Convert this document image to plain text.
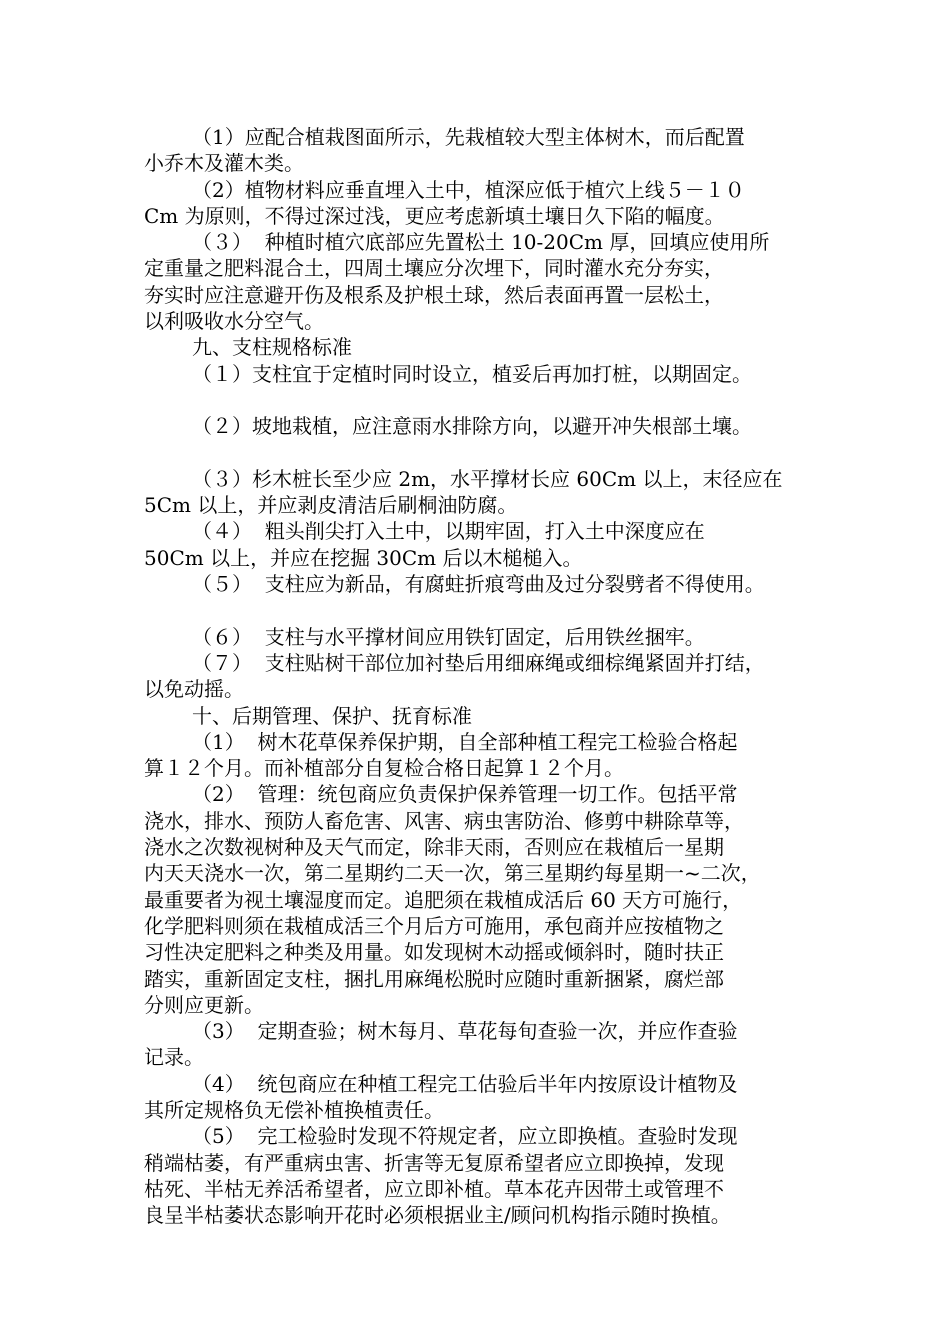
（1）应配合植栽图面所示，先栽植较大型主体树木，而后配置
小乔木及灌木类。
（2）植物材料应垂直埋入土中，植深应低于植穴上线５－１０
Cm 为原则，不得过深过浅，更应考虑新填土壤日久下陷的幅度。
（３）  种植时植穴底部应先置松土 10-20Cm 厚，回填应使用所
定重量之肥料混合土，四周土壤应分次埋下，同时灌水充分夯实，
夯实时应注意避开伤及根系及护根土球，然后表面再置一层松土，
以利吸收水分空气。
九、支柱规格标准
（１）支柱宜于定植时同时设立，植妥后再加打桩，以期固定。
（２）坡地栽植，应注意雨水排除方向，以避开冲失根部土壤。
（３）杉木桩长至少应 2m，水平撑材长应 60Cm 以上，末径应在
5Cm 以上，并应剥皮清洁后刷桐油防腐。
（４）  粗头削尖打入土中，以期牢固，打入土中深度应在
50Cm 以上，并应在挖掘 30Cm 后以木槌槌入。
（５）  支柱应为新品，有腐蛀折痕弯曲及过分裂劈者不得使用。
（６）  支柱与水平撑材间应用铁钉固定，后用铁丝捆牢。
（７）  支柱贴树干部位加衬垫后用细麻绳或细棕绳紧固并打结，
以免动摇。
十、后期管理、保护、抚育标准
（1）  树木花草保养保护期，自全部种植工程完工检验合格起
算１２个月。而补植部分自复检合格日起算１２个月。
（2）  管理：统包商应负责保护保养管理一切工作。包括平常
浇水，排水、预防人畜危害、风害、病虫害防治、修剪中耕除草等，
浇水之次数视树种及天气而定，除非天雨，否则应在栽植后一星期
内天天浇水一次，第二星期约二天一次，第三星期约每星期一~二次，
最重要者为视土壤湿度而定。追肥须在栽植成活后 60 天方可施行，
化学肥料则须在栽植成活三个月后方可施用，承包商并应按植物之
习性决定肥料之种类及用量。如发现树木动摇或倾斜时，随时扶正
踏实，重新固定支柱，捆扎用麻绳松脱时应随时重新捆紧，腐烂部
分则应更新。
（3）  定期查验；树木每月、草花每旬查验一次，并应作查验
记录。
（4）  统包商应在种植工程完工估验后半年内按原设计植物及
其所定规格负无偿补植换植责任。
（5）  完工检验时发现不符规定者，应立即换植。查验时发现
稍端枯萎，有严重病虫害、折害等无复原希望者应立即换掉，发现
枯死、半枯无养活希望者，应立即补植。草本花卉因带土或管理不
良呈半枯萎状态影响开花时必须根据业主/顾问机构指示随时换植。
